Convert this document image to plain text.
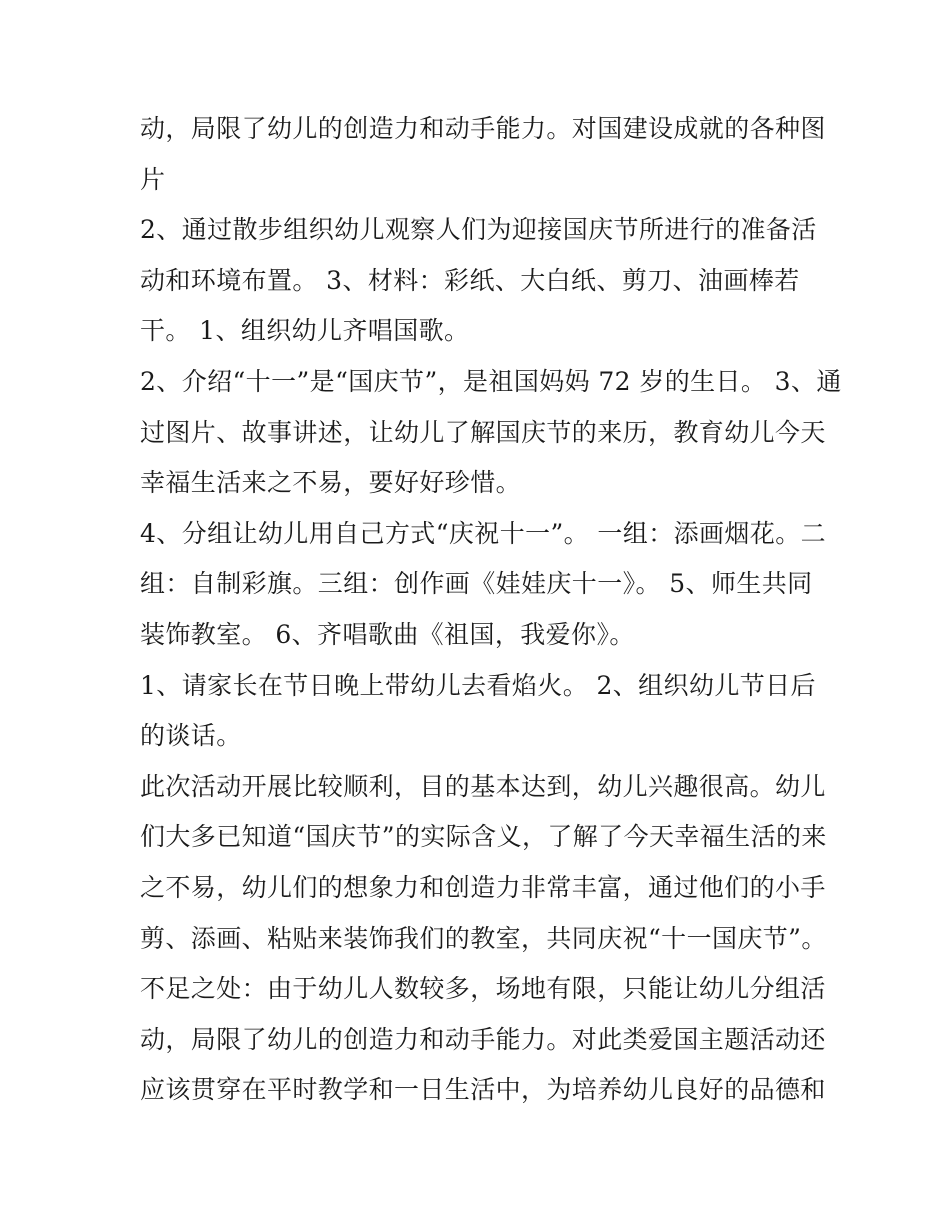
动，局限了幼儿的创造力和动手能力。对国建设成就的各种图
片
2、通过散步组织幼儿观察人们为迎接国庆节所进行的准备活
动和环境布置。 3、材料：彩纸、大白纸、剪刀、油画棒若
干。 1、组织幼儿齐唱国歌。
2、介绍“十一”是“国庆节”，是祖国妈妈 72 岁的生日。 3、通
过图片、故事讲述，让幼儿了解国庆节的来历，教育幼儿今天
幸福生活来之不易，要好好珍惜。
4、分组让幼儿用自己方式“庆祝十一”。 一组：添画烟花。二
组：自制彩旗。三组：创作画《娃娃庆十一》。 5、师生共同
装饰教室。 6、齐唱歌曲《祖国，我爱你》。
1、请家长在节日晚上带幼儿去看焰火。 2、组织幼儿节日后
的谈话。
此次活动开展比较顺利，目的基本达到，幼儿兴趣很高。幼儿
们大多已知道“国庆节”的实际含义，了解了今天幸福生活的来
之不易，幼儿们的想象力和创造力非常丰富，通过他们的小手
剪、添画、粘贴来装饰我们的教室，共同庆祝“十一国庆节”。
不足之处：由于幼儿人数较多，场地有限，只能让幼儿分组活
动，局限了幼儿的创造力和动手能力。对此类爱国主题活动还
应该贯穿在平时教学和一日生活中，为培养幼儿良好的品德和
